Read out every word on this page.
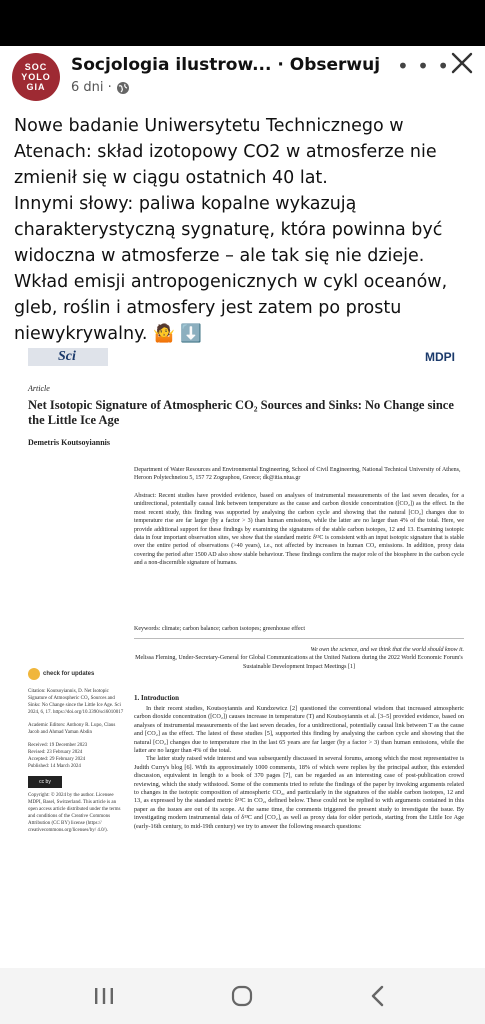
SOC
YOLO
GIA
Socjologia ilustrow... · Obserwuj
6 dni ·
• • •
Nowe badanie Uniwersytetu Technicznego w Atenach: skład izotopowy CO2 w atmosferze nie zmienił się w ciągu ostatnich 40 lat.
Innymi słowy: paliwa kopalne wykazują charakterystyczną sygnaturę, która powinna być widoczna w atmosferze – ale tak się nie dzieje.
Wkład emisji antropogenicznych w cykl oceanów, gleb, roślin i atmosfery jest zatem po prostu niewykrywalny. 🤷 ⬇️
Sci	MDPI
Article
Net Isotopic Signature of Atmospheric CO₂ Sources and Sinks: No Change since the Little Ice Age
Demetris Koutsoyiannis
Department of Water Resources and Environmental Engineering, School of Civil Engineering, National Technical University of Athens, Heroon Polytechneiou 5, 157 72 Zographou, Greece; dk@itia.ntua.gr
Abstract: Recent studies have provided evidence, based on analyses of instrumental measurements of the last seven decades, for a unidirectional, potentially causal link between temperature as the cause and carbon dioxide concentration ([CO₂]) as the effect. In the most recent study, this finding was supported by analysing the carbon cycle and showing that the natural [CO₂] changes due to temperature rise are far larger (by a factor > 3) than human emissions, while the latter are no larger than 4% of the total. Here, we provide additional support for these findings by examining the signatures of the stable carbon isotopes, 12 and 13. Examining isotopic data in four important observation sites, we show that the standard metric δ¹³C is consistent with an input isotopic signature that is stable over the entire period of observations (>40 years), i.e., not affected by increases in human CO₂ emissions. In addition, proxy data covering the period after 1500 AD also show stable behaviour. These findings confirm the major role of the biosphere in the carbon cycle and a non-discernible signature of humans.
Keywords: climate; carbon balance; carbon isotopes; greenhouse effect
We own the science, and we think that the world should know it.
Melissa Fleming, Under-Secretary-General for Global Communications at the United Nations during the 2022 World Economic Forum's Sustainable Development Impact Meetings [1]
check for updates
Citation: Koutsoyiannis, D. Net Isotopic Signature of Atmospheric CO₂ Sources and Sinks: No Change since the Little Ice Age. Sci 2024, 6, 17. https://doi.org/10.3390/sci6010017
Academic Editors: Anthony R. Lupo, Claus Jacob and Ahmad Yaman Abdin
Received: 19 December 2023
Revised: 23 February 2024
Accepted: 29 February 2024
Published: 14 March 2024
cc by
Copyright: © 2024 by the author. Licensee MDPI, Basel, Switzerland. This article is an open access article distributed under the terms and conditions of the Creative Commons Attribution (CC BY) license (https:// creativecommons.org/licenses/by/ 4.0/).
1. Introduction

In their recent studies, Koutsoyiannis and Kundzewicz [2] questioned the conventional wisdom that increased atmospheric carbon dioxide concentration ([CO₂]) causes increase in temperature (T) and Koutsoyiannis et al. [3–5] provided evidence, based on analyses of instrumental measurements of the last seven decades, for a unidirectional, potentially causal link between T as the cause and [CO₂] as the effect. The latest of these studies [5], supported this finding by analysing the carbon cycle and showing that the natural [CO₂] changes due to temperature rise in the last 65 years are far larger (by a factor > 3) than human emissions, while the latter are no larger than 4% of the total.

The latter study raised wide interest and was subsequently discussed in several forums, among which the most representative is Judith Curry's blog [6]. With its approximately 1000 comments, 18% of which were replies by the principal author, this extended discussion, equivalent in length to a book of 370 pages [7], can be regarded as an interesting case of post-publication crowd reviewing, which the study withstood. Some of the comments tried to refute the findings of the paper by invoking arguments related to changes in the isotopic composition of atmospheric CO₂, and particularly in the signatures of the stable carbon isotopes, 12 and 13, as expressed by the standard metric δ¹³C in CO₂, defined below. These could not be replied to with arguments contained in this paper as the issues are out of its scope. At the same time, the comments triggered the present study to investigate the issue. By investigating modern instrumental data of δ¹³C and [CO₂], as well as proxy data for older periods, starting from the Little Ice Age (early-16th century, to mid-19th century) we try to answer the following research questions:
